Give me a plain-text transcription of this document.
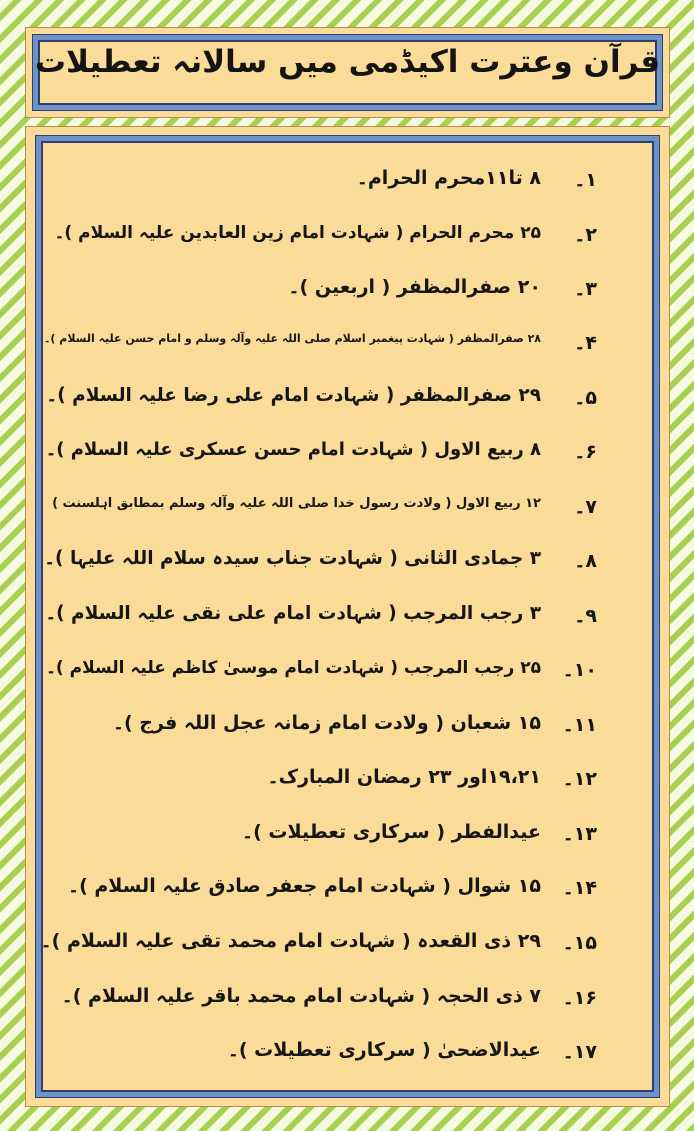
قرآن وعترت اکیڈمی میں سالانہ تعطیلات
۱۔
۸ تا۱۱محرم الحرام۔
۲۔
۲۵ محرم الحرام ( شہادت امام زین العابدین علیہ السلام )۔
۳۔
۲۰ صفرالمظفر ( اربعین )۔
۴۔
۲۸ صفرالمظفر ( شہادت پیغمبر اسلام صلی اللہ علیہ وآلہ وسلم و امام حسن علیہ السلام )۔
۵۔
۲۹ صفرالمظفر ( شہادت امام علی رضا علیہ السلام )۔
۶۔
۸ ربیع الاول ( شہادت امام حسن عسکری علیہ السلام )۔
۷۔
۱۲ ربیع الاول ( ولادت رسول خدا صلی اللہ علیہ وآلہ وسلم بمطابق اہلسنت )
۸۔
۳ جمادی الثانی ( شہادت جناب سیدہ سلام اللہ علیہا )۔
۹۔
۳ رجب المرجب ( شہادت امام علی نقی علیہ السلام )۔
۱۰۔
۲۵ رجب المرجب ( شہادت امام موسیٰ کاظم علیہ السلام )۔
۱۱۔
۱۵ شعبان ( ولادت امام زمانہ عجل اللہ فرج )۔
۱۲۔
۱۹،۲۱اور ۲۳ رمضان المبارک۔
۱۳۔
عیدالفطر ( سرکاری تعطیلات )۔
۱۴۔
۱۵ شوال ( شہادت امام جعفر صادق علیہ السلام )۔
۱۵۔
۲۹ ذی القعدہ ( شہادت امام محمد تقی علیہ السلام )۔
۱۶۔
۷ ذی الحجہ ( شہادت امام محمد باقر علیہ السلام )۔
۱۷۔
عیدالاضحیٰ ( سرکاری تعطیلات )۔
